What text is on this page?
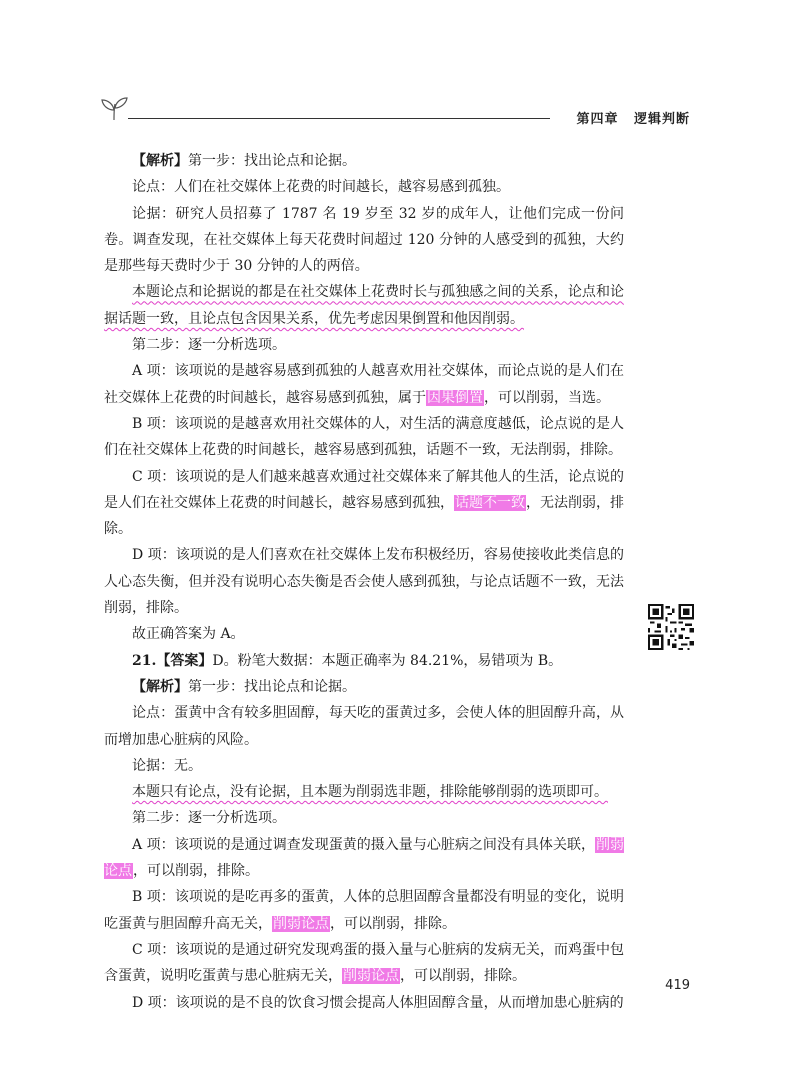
第四章 逻辑判断

【解析】第一步：找出论点和论据。

论点：人们在社交媒体上花费的时间越长，越容易感到孤独。

论据：研究人员招募了 1787 名 19 岁至 32 岁的成年人，让他们完成一份问卷。调查发现，在社交媒体上每天花费时间超过 120 分钟的人感受到的孤独，大约是那些每天费时少于 30 分钟的人的两倍。

本题论点和论据说的都是在社交媒体上花费时长与孤独感之间的关系，论点和论据话题一致，且论点包含因果关系，优先考虑因果倒置和他因削弱。

第二步：逐一分析选项。

A 项：该项说的是越容易感到孤独的人越喜欢用社交媒体，而论点说的是人们在社交媒体上花费的时间越长，越容易感到孤独，属于因果倒置，可以削弱，当选。

B 项：该项说的是越喜欢用社交媒体的人，对生活的满意度越低，论点说的是人们在社交媒体上花费的时间越长，越容易感到孤独，话题不一致，无法削弱，排除。

C 项：该项说的是人们越来越喜欢通过社交媒体来了解其他人的生活，论点说的是人们在社交媒体上花费的时间越长，越容易感到孤独，话题不一致，无法削弱，排除。

D 项：该项说的是人们喜欢在社交媒体上发布积极经历，容易使接收此类信息的人心态失衡，但并没有说明心态失衡是否会使人感到孤独，与论点话题不一致，无法削弱，排除。

故正确答案为 A。

21.【答案】D。粉笔大数据：本题正确率为 84.21%，易错项为 B。

【解析】第一步：找出论点和论据。

论点：蛋黄中含有较多胆固醇，每天吃的蛋黄过多，会使人体的胆固醇升高，从而增加患心脏病的风险。

论据：无。

本题只有论点，没有论据，且本题为削弱选非题，排除能够削弱的选项即可。

第二步：逐一分析选项。

A 项：该项说的是通过调查发现蛋黄的摄入量与心脏病之间没有具体关联，削弱论点，可以削弱，排除。

B 项：该项说的是吃再多的蛋黄，人体的总胆固醇含量都没有明显的变化，说明吃蛋黄与胆固醇升高无关，削弱论点，可以削弱，排除。

C 项：该项说的是通过研究发现鸡蛋的摄入量与心脏病的发病无关，而鸡蛋中包含蛋黄，说明吃蛋黄与患心脏病无关，削弱论点，可以削弱，排除。

D 项：该项说的是不良的饮食习惯会提高人体胆固醇含量，从而增加患心脏病的

419
